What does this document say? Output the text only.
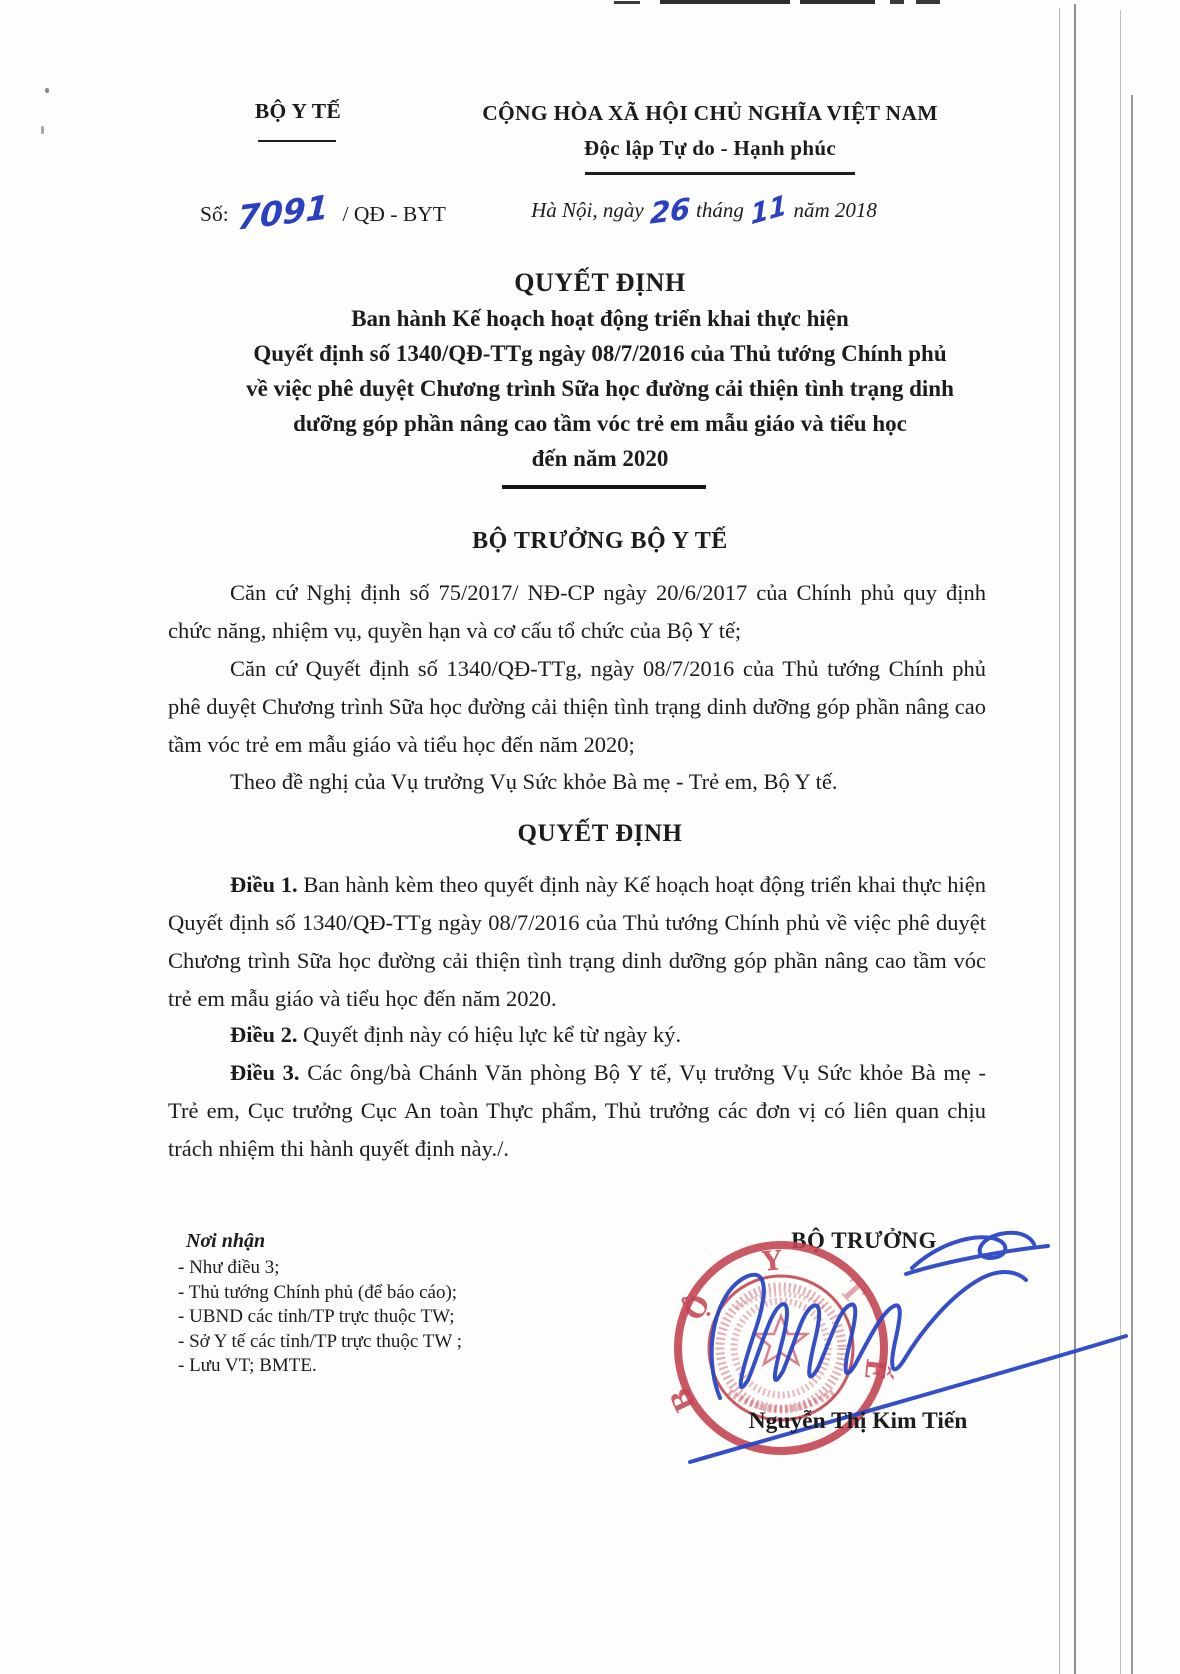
BỘ Y TẾ	CỘNG HÒA XÃ HỘI CHỦ NGHĨA VIỆT NAM
Độc lập Tự do - Hạnh phúc
Số: 7091 / QĐ - BYT	Hà Nội, ngày 26 tháng 11 năm 2018
QUYẾT ĐỊNH
Ban hành Kế hoạch hoạt động triển khai thực hiện
Quyết định số 1340/QĐ-TTg ngày 08/7/2016 của Thủ tướng Chính phủ
về việc phê duyệt Chương trình Sữa học đường cải thiện tình trạng dinh
dưỡng góp phần nâng cao tầm vóc trẻ em mẫu giáo và tiểu học
đến năm 2020
BỘ TRƯỞNG BỘ Y TẾ
Căn cứ Nghị định số 75/2017/ NĐ-CP ngày 20/6/2017 của Chính phủ quy định chức năng, nhiệm vụ, quyền hạn và cơ cấu tổ chức của Bộ Y tế;
Căn cứ Quyết định số 1340/QĐ-TTg, ngày 08/7/2016 của Thủ tướng Chính phủ phê duyệt Chương trình Sữa học đường cải thiện tình trạng dinh dưỡng góp phần nâng cao tầm vóc trẻ em mẫu giáo và tiểu học đến năm 2020;
Theo đề nghị của Vụ trưởng Vụ Sức khỏe Bà mẹ - Trẻ em, Bộ Y tế.
QUYẾT ĐỊNH
Điều 1. Ban hành kèm theo quyết định này Kế hoạch hoạt động triển khai thực hiện Quyết định số 1340/QĐ-TTg ngày 08/7/2016 của Thủ tướng Chính phủ về việc phê duyệt Chương trình Sữa học đường cải thiện tình trạng dinh dưỡng góp phần nâng cao tầm vóc trẻ em mẫu giáo và tiểu học đến năm 2020.
Điều 2. Quyết định này có hiệu lực kể từ ngày ký.
Điều 3. Các ông/bà Chánh Văn phòng Bộ Y tế, Vụ trưởng Vụ Sức khỏe Bà mẹ - Trẻ em, Cục trưởng Cục An toàn Thực phẩm, Thủ trưởng các đơn vị có liên quan chịu trách nhiệm thi hành quyết định này./.
Nơi nhận
- Như điều 3;
- Thủ tướng Chính phủ (để báo cáo);
- UBND các tỉnh/TP trực thuộc TW;
- Sở Y tế các tỉnh/TP trực thuộc TW ;
- Lưu VT; BMTE.
BỘ TRƯỞNG
B
Ộ
Y
T
Ế
Nguyễn Thị Kim Tiến
